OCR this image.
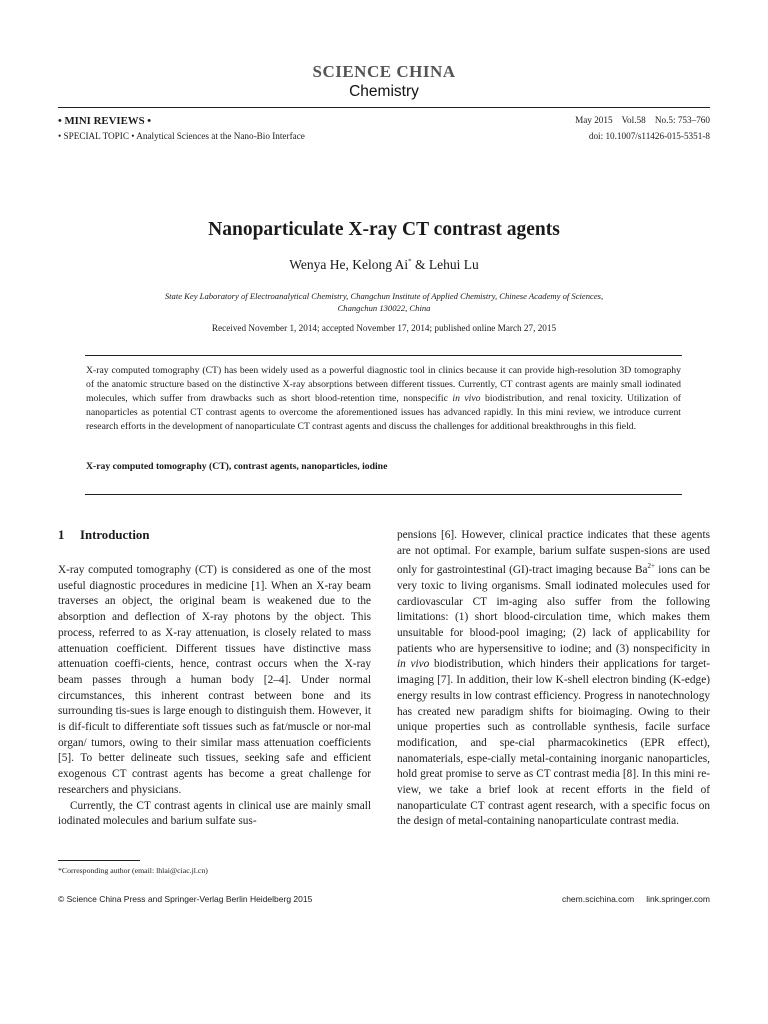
SCIENCE CHINA
Chemistry
• MINI REVIEWS •
• SPECIAL TOPIC • Analytical Sciences at the Nano-Bio Interface
May 2015    Vol.58    No.5: 753–760
doi: 10.1007/s11426-015-5351-8
Nanoparticulate X-ray CT contrast agents
Wenya He, Kelong Ai* & Lehui Lu
State Key Laboratory of Electroanalytical Chemistry, Changchun Institute of Applied Chemistry, Chinese Academy of Sciences,
Changchun 130022, China
Received November 1, 2014; accepted November 17, 2014; published online March 27, 2015
X-ray computed tomography (CT) has been widely used as a powerful diagnostic tool in clinics because it can provide high-resolution 3D tomography of the anatomic structure based on the distinctive X-ray absorptions between different tissues. Currently, CT contrast agents are mainly small iodinated molecules, which suffer from drawbacks such as short blood-retention time, nonspecific in vivo biodistribution, and renal toxicity. Utilization of nanoparticles as potential CT contrast agents to overcome the aforementioned issues has advanced rapidly. In this mini review, we introduce current research efforts in the development of nanoparticulate CT contrast agents and discuss the challenges for additional breakthroughs in this field.
X-ray computed tomography (CT), contrast agents, nanoparticles, iodine
1 Introduction

X-ray computed tomography (CT) is considered as one of the most useful diagnostic procedures in medicine [1]. When an X-ray beam traverses an object, the original beam is weakened due to the absorption and deflection of X-ray photons by the object. This process, referred to as X-ray attenuation, is closely related to mass attenuation coefficient. Different tissues have distinctive mass attenuation coeffi-cients, hence, contrast occurs when the X-ray beam passes through a human body [2–4]. Under normal circumstances, this inherent contrast between bone and its surrounding tis-sues is large enough to distinguish them. However, it is dif-ficult to differentiate soft tissues such as fat/muscle or nor-mal organ/ tumors, owing to their similar mass attenuation coefficients [5]. To better delineate such tissues, seeking safe and efficient exogenous CT contrast agents has become a great challenge for researchers and physicians.

Currently, the CT contrast agents in clinical use are mainly small iodinated molecules and barium sulfate sus-

pensions [6]. However, clinical practice indicates that these agents are not optimal. For example, barium sulfate suspen-sions are used only for gastrointestinal (GI)-tract imaging because $Ba^{2+}$ ions can be very toxic to living organisms. Small iodinated molecules used for cardiovascular CT im-aging also suffer from the following limitations: (1) short blood-circulation time, which makes them unsuitable for blood-pool imaging; (2) lack of applicability for patients who are hypersensitive to iodine; and (3) nonspecificity in in vivo biodistribution, which hinders their applications for target-imaging [7]. In addition, their low K-shell electron binding (K-edge) energy results in low contrast efficiency. Progress in nanotechnology has created new paradigm shifts for bioimaging. Owing to their unique properties such as controllable synthesis, facile surface modification, and spe-cial pharmacokinetics (EPR effect), nanomaterials, espe-cially metal-containing inorganic nanoparticles, hold great promise to serve as CT contrast media [8]. In this mini re-view, we take a brief look at recent efforts in the field of nanoparticulate CT contrast agent research, with a specific focus on the design of metal-containing nanoparticulate contrast media.

*Corresponding author (email: lhlai@ciac.jl.cn)
© Science China Press and Springer-Verlag Berlin Heidelberg 2015	chem.scichina.com link.springer.com
